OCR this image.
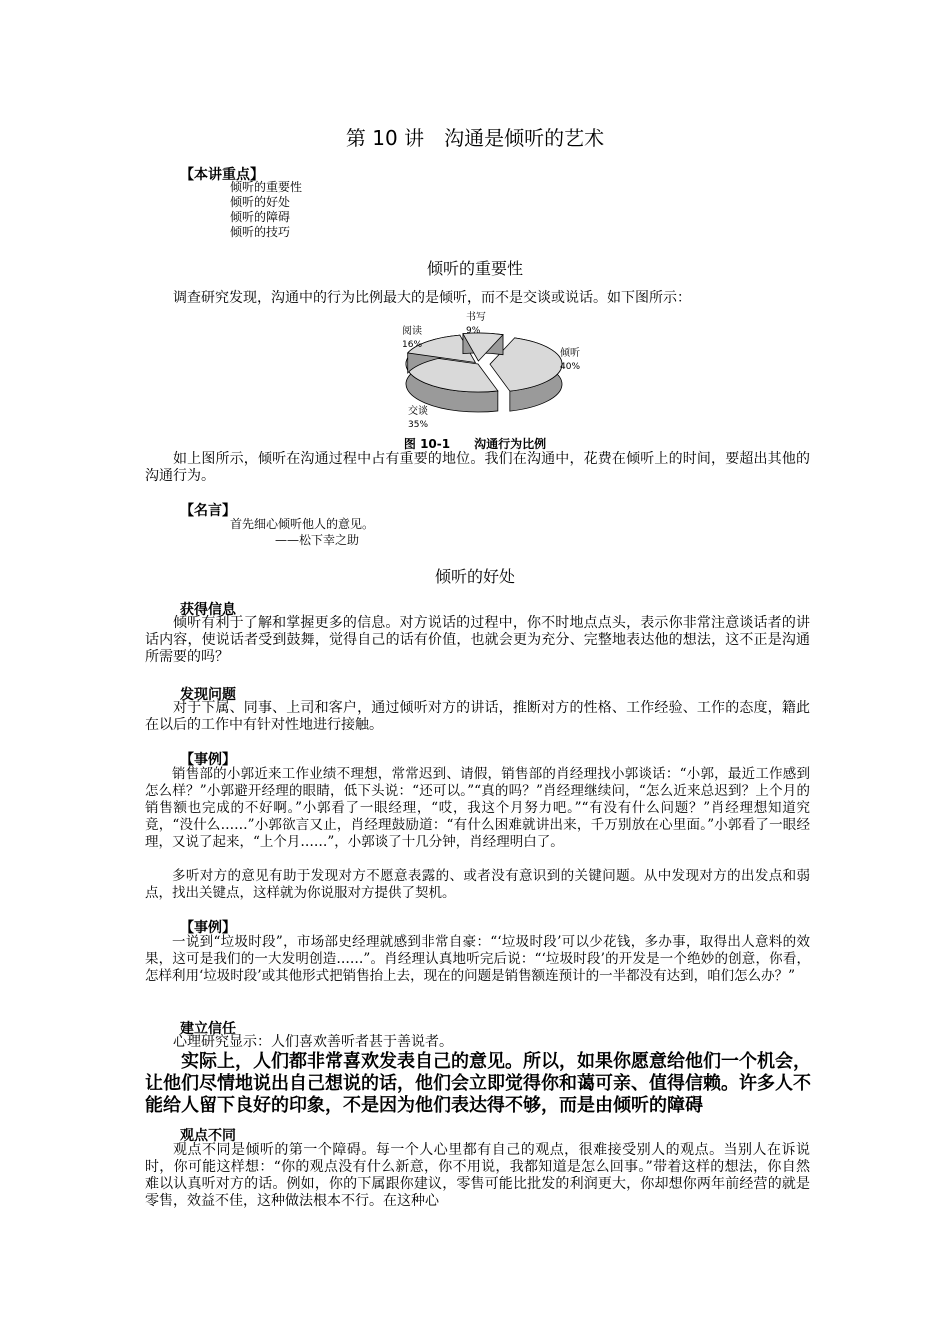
第 10 讲　沟通是倾听的艺术
【本讲重点】
倾听的重要性
倾听的好处
倾听的障碍
倾听的技巧
倾听的重要性
调查研究发现，沟通中的行为比例最大的是倾听，而不是交谈或说话。如下图所示：
倾听
40%
交谈
35%
阅读
16%
书写
9%
图 10-1　　沟通行为比例
如上图所示，倾听在沟通过程中占有重要的地位。我们在沟通中，花费在倾听上的时间，要超出其他的沟通行为。
【名言】
首先细心倾听他人的意见。
——松下幸之助
倾听的好处
获得信息
倾听有利于了解和掌握更多的信息。对方说话的过程中，你不时地点点头，表示你非常注意谈话者的讲话内容，使说话者受到鼓舞，觉得自己的话有价值，也就会更为充分、完整地表达他的想法，这不正是沟通所需要的吗？
发现问题
对于下属、同事、上司和客户，通过倾听对方的讲话，推断对方的性格、工作经验、工作的态度，籍此在以后的工作中有针对性地进行接触。
【事例】
销售部的小郭近来工作业绩不理想，常常迟到、请假，销售部的肖经理找小郭谈话：“小郭，最近工作感到怎么样？”小郭避开经理的眼睛，低下头说：“还可以。”“真的吗？”肖经理继续问，“怎么近来总迟到？上个月的销售额也完成的不好啊。”小郭看了一眼经理，“哎，我这个月努力吧。”“有没有什么问题？”肖经理想知道究竟，“没什么……”小郭欲言又止，肖经理鼓励道：“有什么困难就讲出来，千万别放在心里面。”小郭看了一眼经理，又说了起来，“上个月……”，小郭谈了十几分钟，肖经理明白了。
多听对方的意见有助于发现对方不愿意表露的、或者没有意识到的关键问题。从中发现对方的出发点和弱点，找出关键点，这样就为你说服对方提供了契机。
【事例】
一说到“垃圾时段”，市场部史经理就感到非常自豪：“‘垃圾时段’可以少花钱，多办事，取得出人意料的效果，这可是我们的一大发明创造……”。肖经理认真地听完后说：“‘垃圾时段’的开发是一个绝妙的创意，你看，怎样利用‘垃圾时段’或其他形式把销售抬上去，现在的问题是销售额连预计的一半都没有达到，咱们怎么办？”
建立信任
心理研究显示：人们喜欢善听者甚于善说者。
实际上，人们都非常喜欢发表自己的意见。所以，如果你愿意给他们一个机会，让他们尽情地说出自己想说的话，他们会立即觉得你和蔼可亲、值得信赖。许多人不能给人留下良好的印象，不是因为他们表达得不够，而是由倾听的障碍
观点不同
观点不同是倾听的第一个障碍。每一个人心里都有自己的观点，很难接受别人的观点。当别人在诉说时，你可能这样想：“你的观点没有什么新意，你不用说，我都知道是怎么回事。”带着这样的想法，你自然难以认真听对方的话。例如，你的下属跟你建议，零售可能比批发的利润更大，你却想你两年前经营的就是零售，效益不佳，这种做法根本不行。在这种心
